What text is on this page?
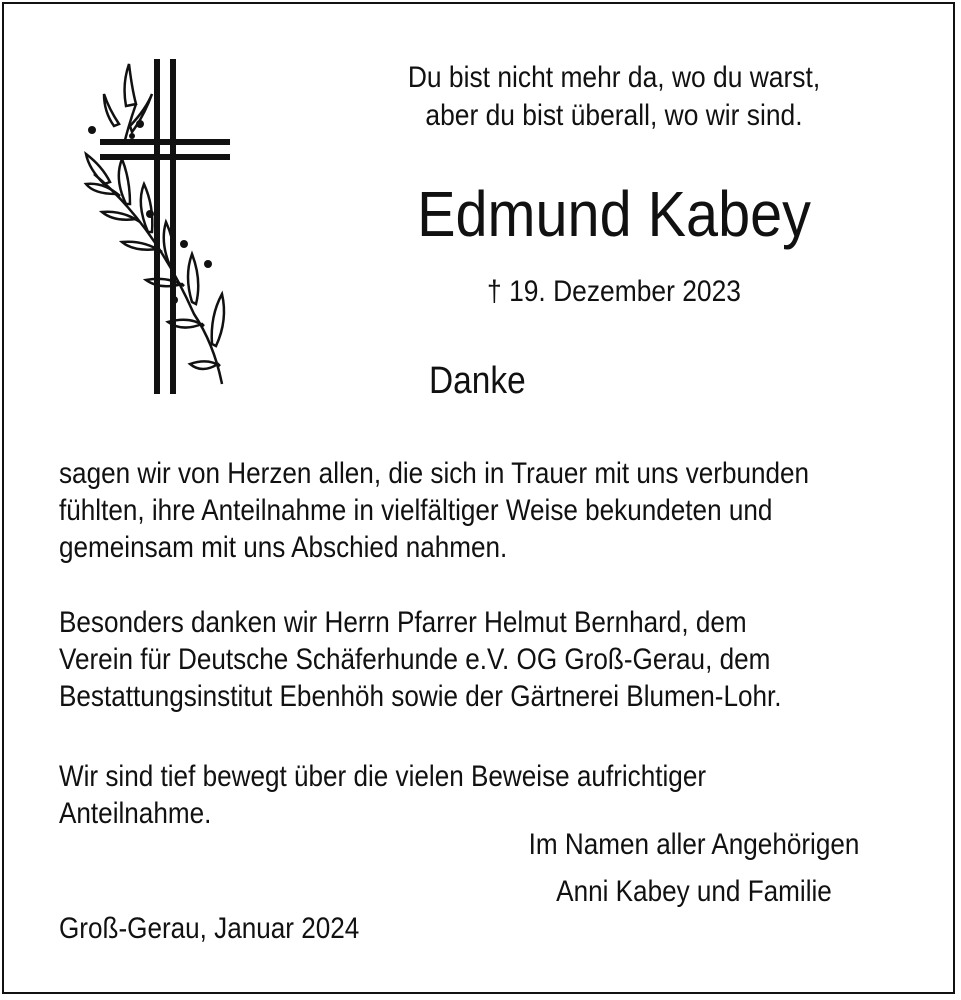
Du bist nicht mehr da, wo du warst,
aber du bist überall, wo wir sind.
Edmund Kabey
† 19. Dezember 2023
Danke
sagen wir von Herzen allen, die sich in Trauer mit uns verbunden
fühlten, ihre Anteilnahme in vielfältiger Weise bekundeten und
gemeinsam mit uns Abschied nahmen.
Besonders danken wir Herrn Pfarrer Helmut Bernhard, dem
Verein für Deutsche Schäferhunde e.V. OG Groß-Gerau, dem
Bestattungsinstitut Ebenhöh sowie der Gärtnerei Blumen-Lohr.
Wir sind tief bewegt über die vielen Beweise aufrichtiger
Anteilnahme.
Im Namen aller Angehörigen
Anni Kabey und Familie
Groß-Gerau, Januar 2024
